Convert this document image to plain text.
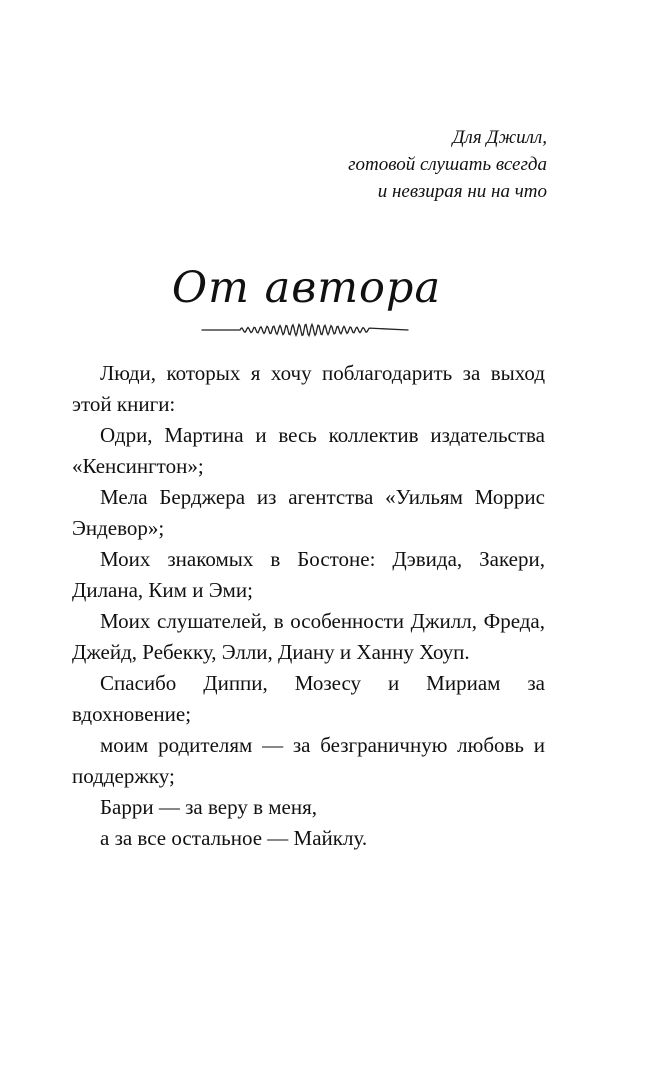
Для Джилл,
готовой слушать всегда
и невзирая ни на что
От автора

Люди, которых я хочу поблагодарить за выход этой книги:

Одри, Мартина и весь коллектив издательства «Кенсингтон»;

Мела Берджера из агентства «Уильям Моррис Эндевор»;

Моих знакомых в Бостоне: Дэвида, Закери, Дилана, Ким и Эми;

Моих слушателей, в особенности Джилл, Фреда, Джейд, Ребекку, Элли, Диану и Ханну Хоуп.

Спасибо Диппи, Мозесу и Мириам за вдохновение;

моим родителям — за безграничную любовь и поддержку;

Барри — за веру в меня,

а за все остальное — Майклу.
